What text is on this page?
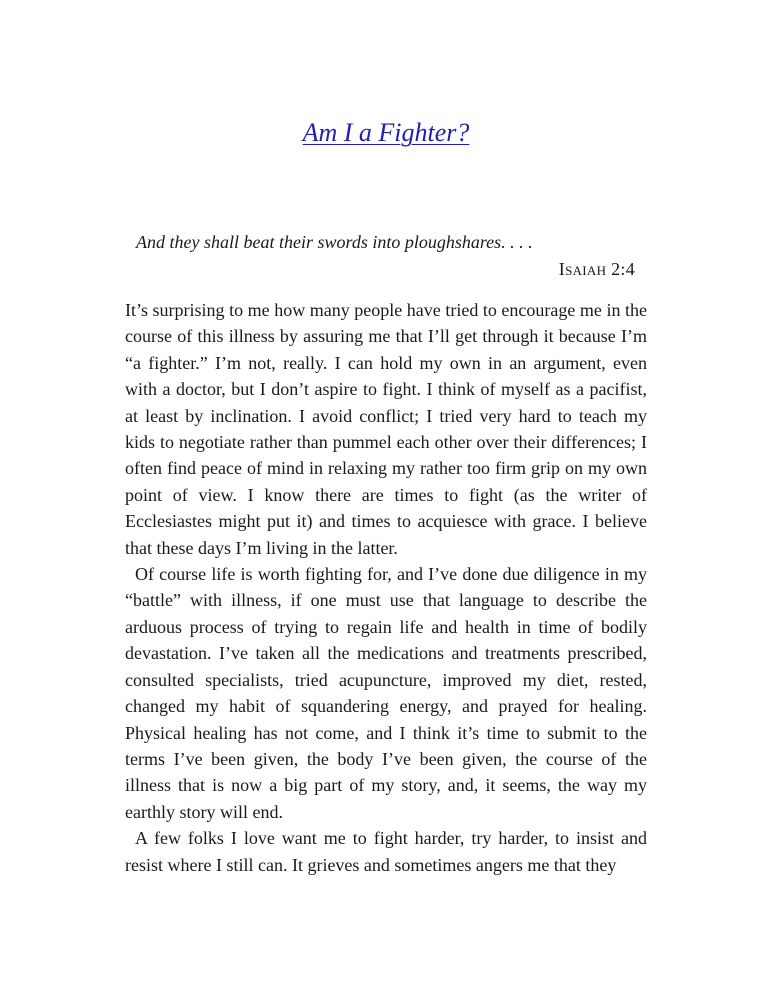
Am I a Fighter?

And they shall beat their swords into ploughshares. . . .

Isaiah 2:4

It’s surprising to me how many people have tried to encourage me in the course of this illness by assuring me that I’ll get through it because I’m “a fighter.” I’m not, really. I can hold my own in an argument, even with a doctor, but I don’t aspire to fight. I think of myself as a pacifist, at least by inclination. I avoid conflict; I tried very hard to teach my kids to negotiate rather than pummel each other over their differences; I often find peace of mind in relaxing my rather too firm grip on my own point of view. I know there are times to fight (as the writer of Ecclesiastes might put it) and times to acquiesce with grace. I believe that these days I’m living in the latter.

Of course life is worth fighting for, and I’ve done due diligence in my “battle” with illness, if one must use that language to describe the arduous process of trying to regain life and health in time of bodily devastation. I’ve taken all the medications and treatments prescribed, consulted specialists, tried acupuncture, improved my diet, rested, changed my habit of squandering energy, and prayed for healing. Physical healing has not come, and I think it’s time to submit to the terms I’ve been given, the body I’ve been given, the course of the illness that is now a big part of my story, and, it seems, the way my earthly story will end.

A few folks I love want me to fight harder, try harder, to insist and resist where I still can. It grieves and sometimes angers me that they
